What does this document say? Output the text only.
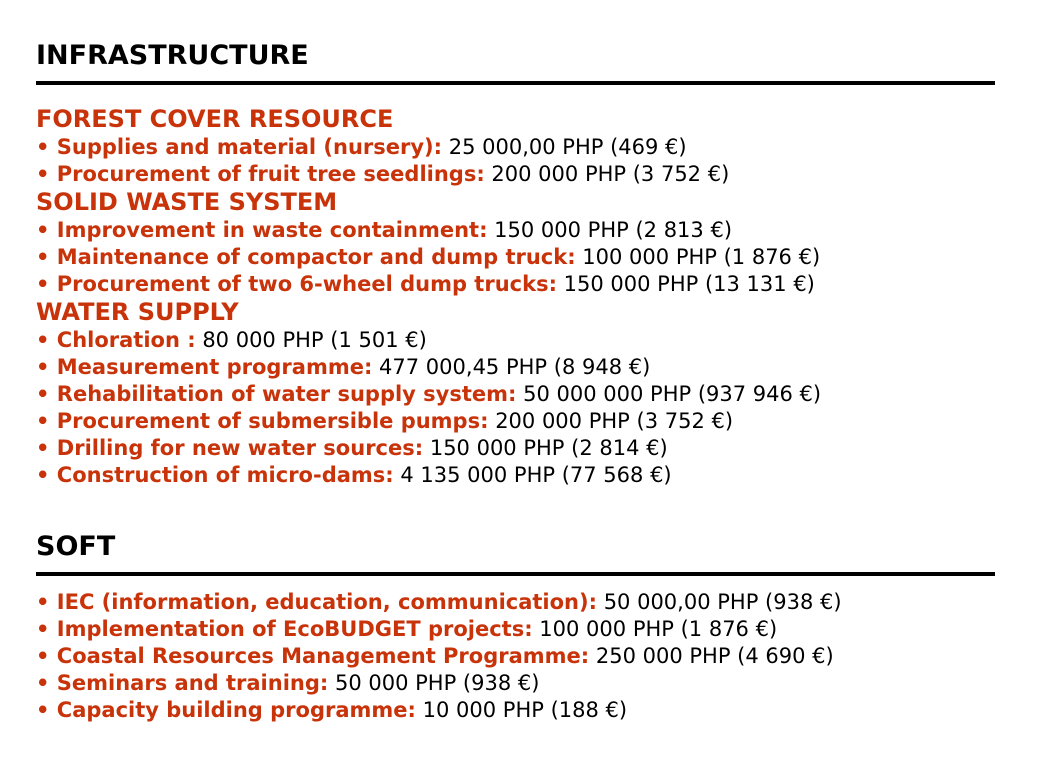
INFRASTRUCTURE
FOREST COVER RESOURCE
• Supplies and material (nursery): 25 000,00 PHP (469 €)
• Procurement of fruit tree seedlings: 200 000 PHP (3 752 €)
SOLID WASTE SYSTEM
• Improvement in waste containment: 150 000 PHP (2 813 €)
• Maintenance of compactor and dump truck: 100 000 PHP (1 876 €)
• Procurement of two 6-wheel dump trucks: 150 000 PHP (13 131 €)
WATER SUPPLY
• Chloration : 80 000 PHP (1 501 €)
• Measurement programme: 477 000,45 PHP (8 948 €)
• Rehabilitation of water supply system: 50 000 000 PHP (937 946 €)
• Procurement of submersible pumps: 200 000 PHP (3 752 €)
• Drilling for new water sources: 150 000 PHP (2 814 €)
• Construction of micro-dams: 4 135 000 PHP (77 568 €)
SOFT
• IEC (information, education, communication): 50 000,00 PHP (938 €)
• Implementation of EcoBUDGET projects: 100 000 PHP (1 876 €)
• Coastal Resources Management Programme: 250 000 PHP (4 690 €)
• Seminars and training: 50 000 PHP (938 €)
• Capacity building programme: 10 000 PHP (188 €)
